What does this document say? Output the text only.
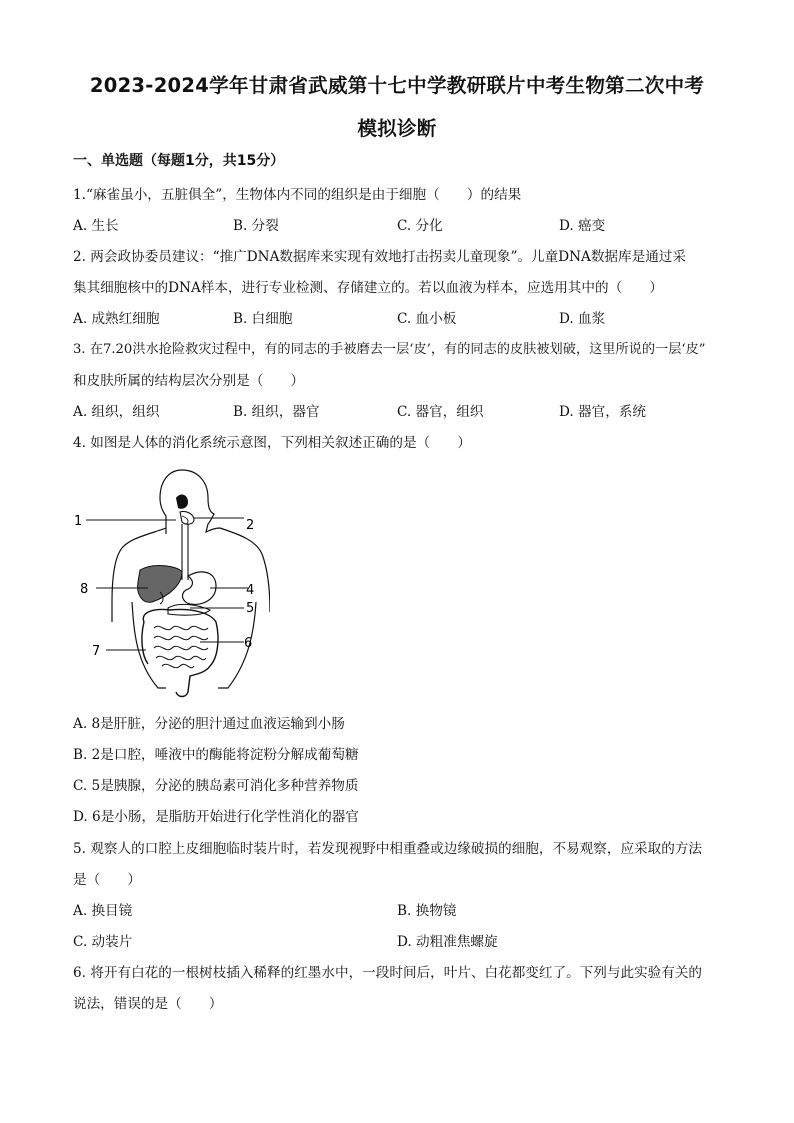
2023-2024学年甘肃省武威第十七中学教研联片中考生物第二次中考
模拟诊断
一、单选题（每题1分，共15分）
1.“麻雀虽小，五脏俱全”，生物体内不同的组织是由于细胞（　　）的结果
A. 生长	B. 分裂	C. 分化	D. 癌变
2. 两会政协委员建议：“推广DNA数据库来实现有效地打击拐卖儿童现象”。儿童DNA数据库是通过采
集其细胞核中的DNA样本，进行专业检测、存储建立的。若以血液为样本，应选用其中的（　　）
A. 成熟红细胞	B. 白细胞	C. 血小板	D. 血浆
3. 在7.20洪水抢险救灾过程中，有的同志的手被磨去一层‘皮’，有的同志的皮肤被划破，这里所说的一层‘皮”
和皮肤所属的结构层次分别是（　　）
A. 组织，组织	B. 组织，器官	C. 器官，组织	D. 器官，系统
4. 如图是人体的消化系统示意图，下列相关叙述正确的是（　　）
1	2
4
5
6
7
8
A. 8是肝脏，分泌的胆汁通过血液运输到小肠
B. 2是口腔，唾液中的酶能将淀粉分解成葡萄糖
C. 5是胰腺，分泌的胰岛素可消化多种营养物质
D. 6是小肠，是脂肪开始进行化学性消化的器官
5. 观察人的口腔上皮细胞临时装片时，若发现视野中相重叠或边缘破损的细胞，不易观察，应采取的方法
是（　　）
A. 换目镜	B. 换物镜
C. 动装片	D. 动粗准焦螺旋
6. 将开有白花的一根树枝插入稀释的红墨水中，一段时间后，叶片、白花都变红了。下列与此实验有关的
说法，错误的是（　　）
